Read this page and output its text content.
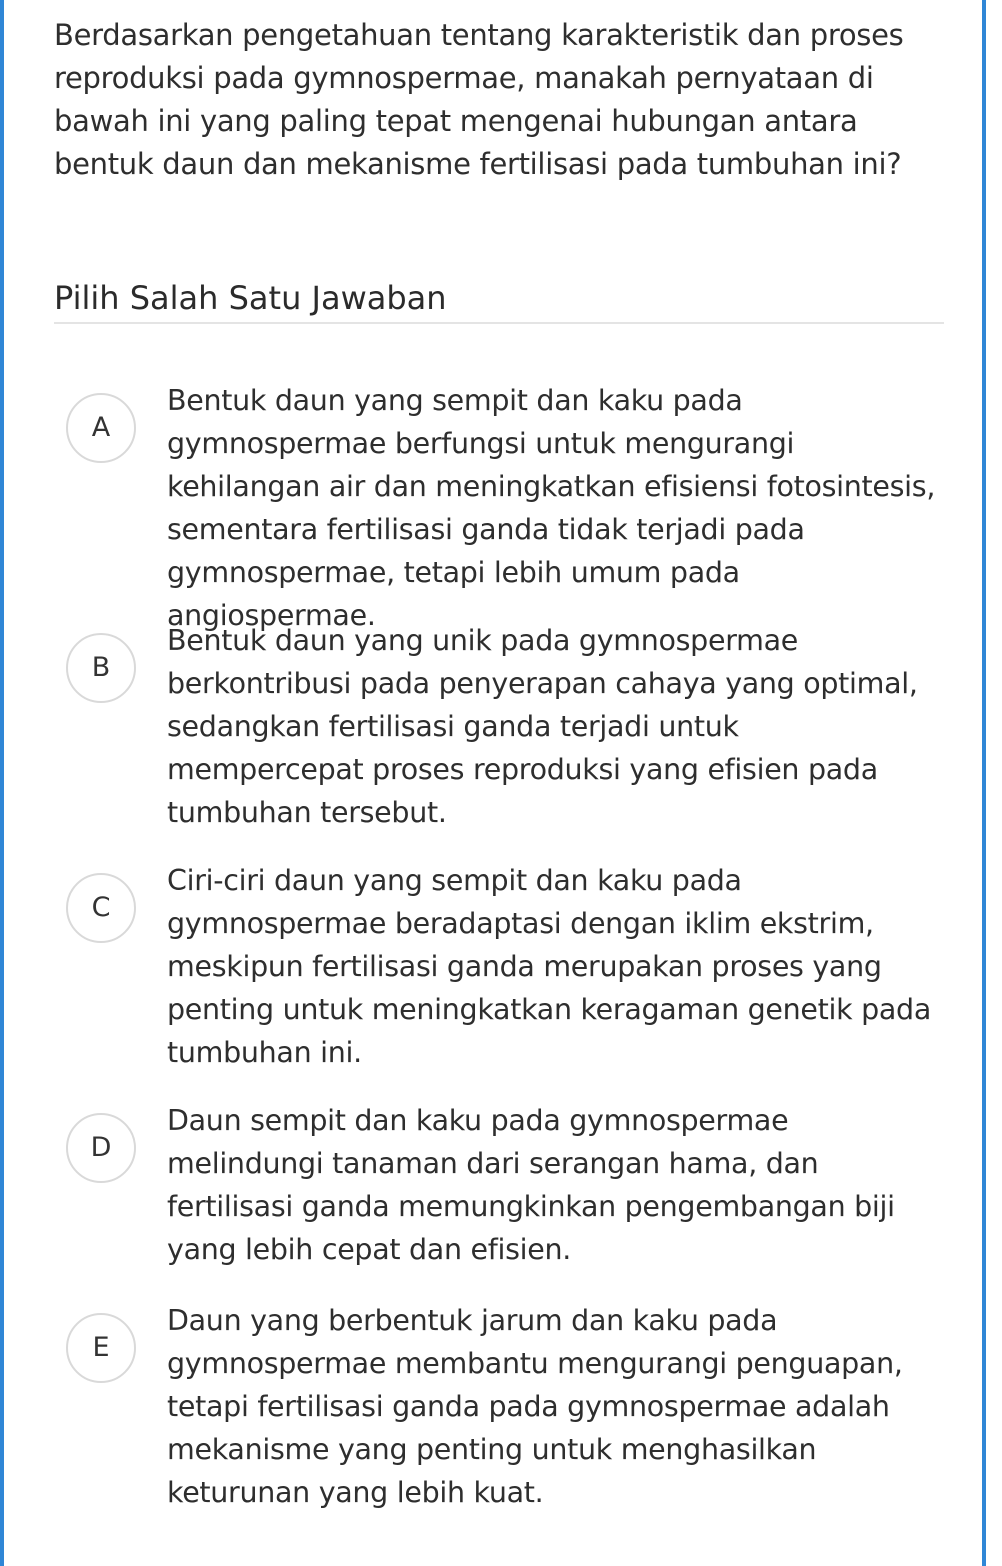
Berdasarkan pengetahuan tentang karakteristik dan proses reproduksi pada gymnospermae, manakah pernyataan di bawah ini yang paling tepat mengenai hubungan antara bentuk daun dan mekanisme fertilisasi pada tumbuhan ini?

Pilih Salah Satu Jawaban
A

Bentuk daun yang sempit dan kaku pada gymnospermae berfungsi untuk mengurangi kehilangan air dan meningkatkan efisiensi fotosintesis, sementara fertilisasi ganda tidak terjadi pada gymnospermae, tetapi lebih umum pada angiospermae.

B

Bentuk daun yang unik pada gymnospermae berkontribusi pada penyerapan cahaya yang optimal, sedangkan fertilisasi ganda terjadi untuk mempercepat proses reproduksi yang efisien pada tumbuhan tersebut.

C

Ciri-ciri daun yang sempit dan kaku pada gymnospermae beradaptasi dengan iklim ekstrim, meskipun fertilisasi ganda merupakan proses yang penting untuk meningkatkan keragaman genetik pada tumbuhan ini.

D

Daun sempit dan kaku pada gymnospermae melindungi tanaman dari serangan hama, dan fertilisasi ganda memungkinkan pengembangan biji yang lebih cepat dan efisien.

E

Daun yang berbentuk jarum dan kaku pada gymnospermae membantu mengurangi penguapan, tetapi fertilisasi ganda pada gymnospermae adalah mekanisme yang penting untuk menghasilkan keturunan yang lebih kuat.
